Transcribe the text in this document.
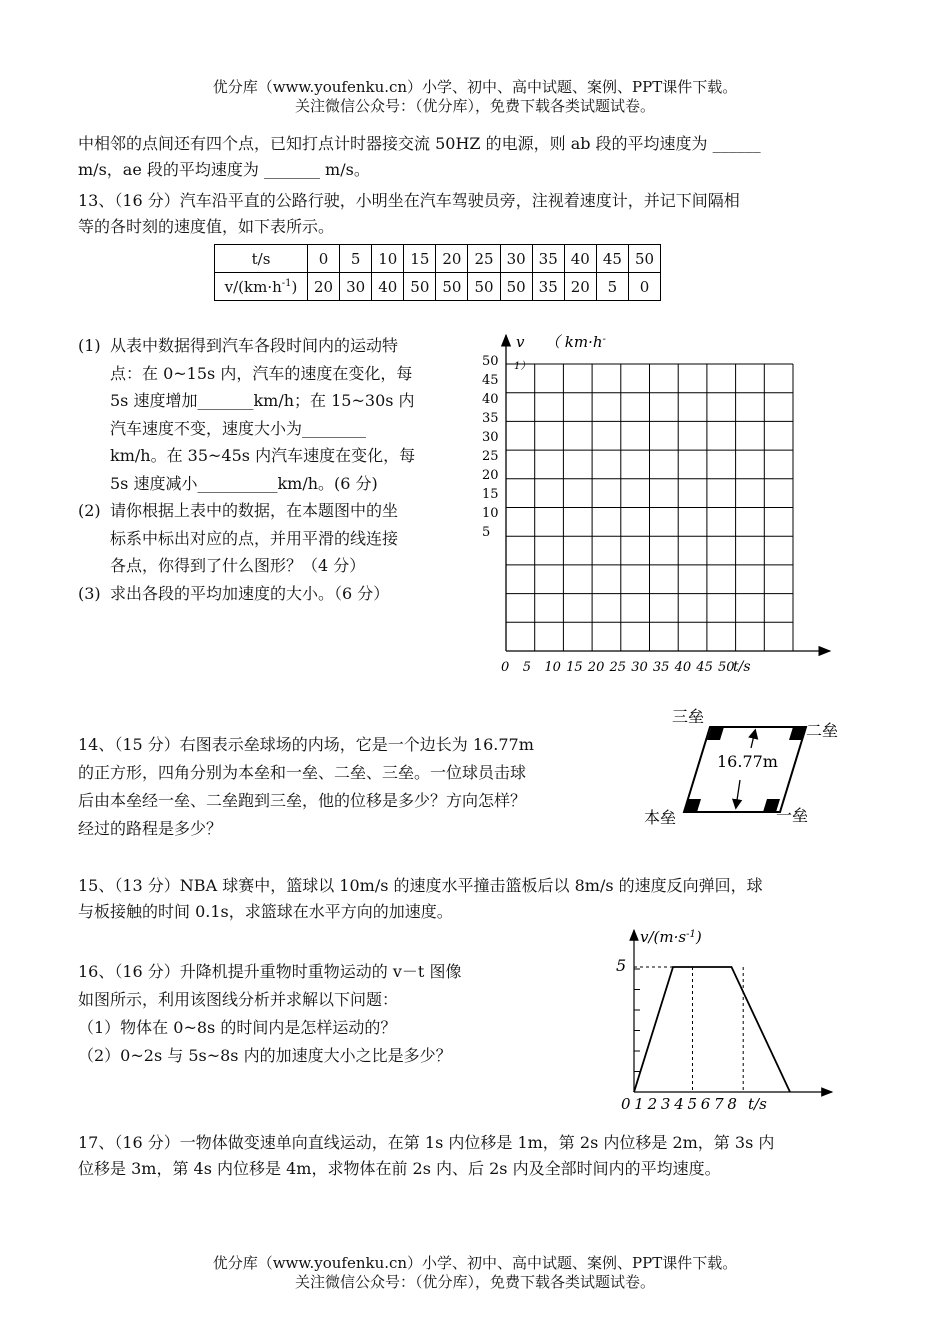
优分库（www.youfenku.cn）小学、初中、高中试题、案例、PPT课件下载。
关注微信公众号：（优分库），免费下载各类试题试卷。
中相邻的点间还有四个点，已知打点计时器接交流 50HZ 的电源，则 ab 段的平均速度为 ______
m/s，ae 段的平均速度为 _______ m/s。
13、（16 分）汽车沿平直的公路行驶，小明坐在汽车驾驶员旁，注视着速度计，并记下间隔相
等的各时刻的速度值，如下表所示。
t/s	0	5	10	15	20	25	30	35	40	45	50
$v/(km\cdot h^{-1})$	20	30	40	50	50	50	50	35	20	5	0
(1) 从表中数据得到汽车各段时间内的运动特
点：在 0~15s 内，汽车的速度在变化，每
5s 速度增加_______km/h；在 15~30s 内
汽车速度不变，速度大小为________
km/h。在 35~45s 内汽车速度在变化，每
5s 速度减小__________km/h。(6 分)
(2) 请你根据上表中的数据，在本题图中的坐
标系中标出对应的点，并用平滑的线连接
各点，你得到了什么图形？（4 分）
(3) 求出各段的平均加速度的大小。（6 分）
v （ km·h-
1）
50
45
40
35
30
25
20
15
10
5
0 5 10 15 20 25 30 35 40 45 50
t/s
14、（15 分）右图表示垒球场的内场，它是一个边长为 16.77m
的正方形，四角分别为本垒和一垒、二垒、三垒。一位球员击球
后由本垒经一垒、二垒跑到三垒，他的位移是多少？方向怎样？
经过的路程是多少？
16.77m
三垒
二垒
本垒	一垒
15、（13 分）NBA 球赛中，篮球以 10m/s 的速度水平撞击篮板后以 8m/s 的速度反向弹回，球
与板接触的时间 0.1s，求篮球在水平方向的加速度。
16、（16 分）升降机提升重物时重物运动的 v－t 图像
如图所示，利用该图线分析并求解以下问题：
（1）物体在 0~8s 的时间内是怎样运动的？
（2）0~2s 与 5s~8s 内的加速度大小之比是多少？
$v/(m\cdot s^{-1})$
5
0 1 2 3 4 5 6 7 8 t/s
17、（16 分）一物体做变速单向直线运动，在第 1s 内位移是 1m，第 2s 内位移是 2m，第 3s 内
位移是 3m，第 4s 内位移是 4m，求物体在前 2s 内、后 2s 内及全部时间内的平均速度。
优分库（www.youfenku.cn）小学、初中、高中试题、案例、PPT课件下载。
关注微信公众号：（优分库），免费下载各类试题试卷。
